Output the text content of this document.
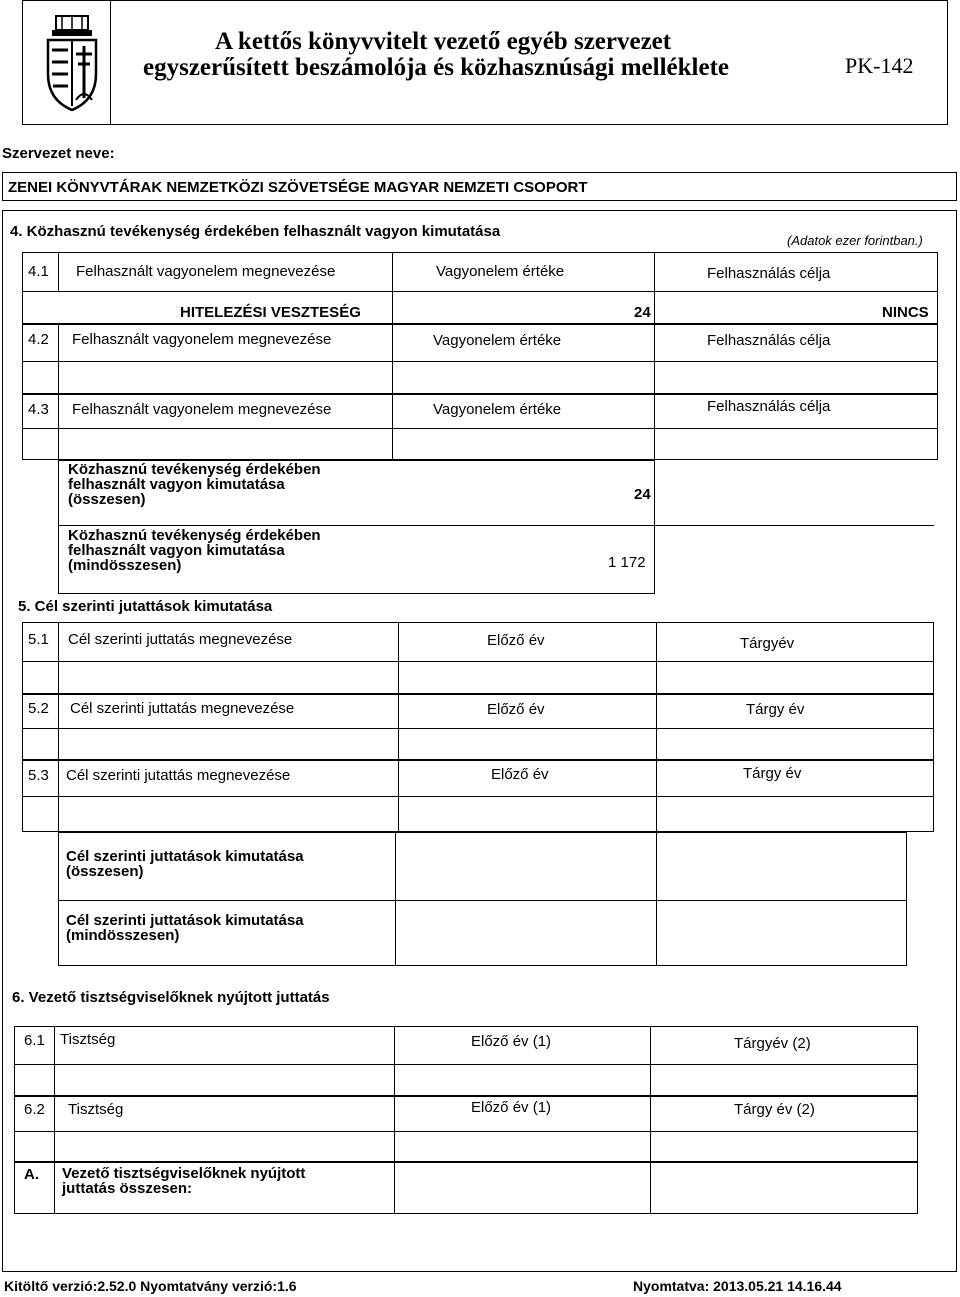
A kettős könyvvitelt vezető egyéb szervezet
egyszerűsített beszámolója és közhasznúsági melléklete	PK-142
Szervezet neve:
ZENEI KÖNYVTÁRAK NEMZETKÖZI SZÖVETSÉGE MAGYAR NEMZETI CSOPORT
4. Közhasznú tevékenység érdekében felhasznált vagyon kimutatása
(Adatok ezer forintban.)
4.1 Felhasznált vagyonelem megnevezése	Vagyonelem értéke	Felhasználás célja
HITELEZÉSI VESZTESÉG	24	NINCS
4.2 Felhasznált vagyonelem megnevezése	Vagyonelem értéke	Felhasználás célja
4.3 Felhasznált vagyonelem megnevezése	Vagyonelem értéke	Felhasználás célja
Közhasznú tevékenység érdekében
felhasznált vagyon kimutatása
(összesen)	24
Közhasznú tevékenység érdekében
felhasznált vagyon kimutatása
(mindösszesen)	1 172
5. Cél szerinti jutattások kimutatása
5.1 Cél szerinti juttatás megnevezése	Előző év	Tárgyév
5.2 Cél szerinti juttatás megnevezése	Előző év	Tárgy év
5.3 Cél szerinti jutattás megnevezése	Előző év	Tárgy év
Cél szerinti juttatások kimutatása
(összesen)
Cél szerinti juttatások kimutatása
(mindösszesen)
6. Vezető tisztségviselőknek nyújtott juttatás
6.1 Tisztség	Előző év (1)	Tárgyév (2)
6.2 Tisztség	Előző év (1)	Tárgy év (2)
A. Vezető tisztségviselőknek nyújtott
juttatás összesen:
Kitöltő verzió:2.52.0 Nyomtatvány verzió:1.6	Nyomtatva: 2013.05.21 14.16.44
